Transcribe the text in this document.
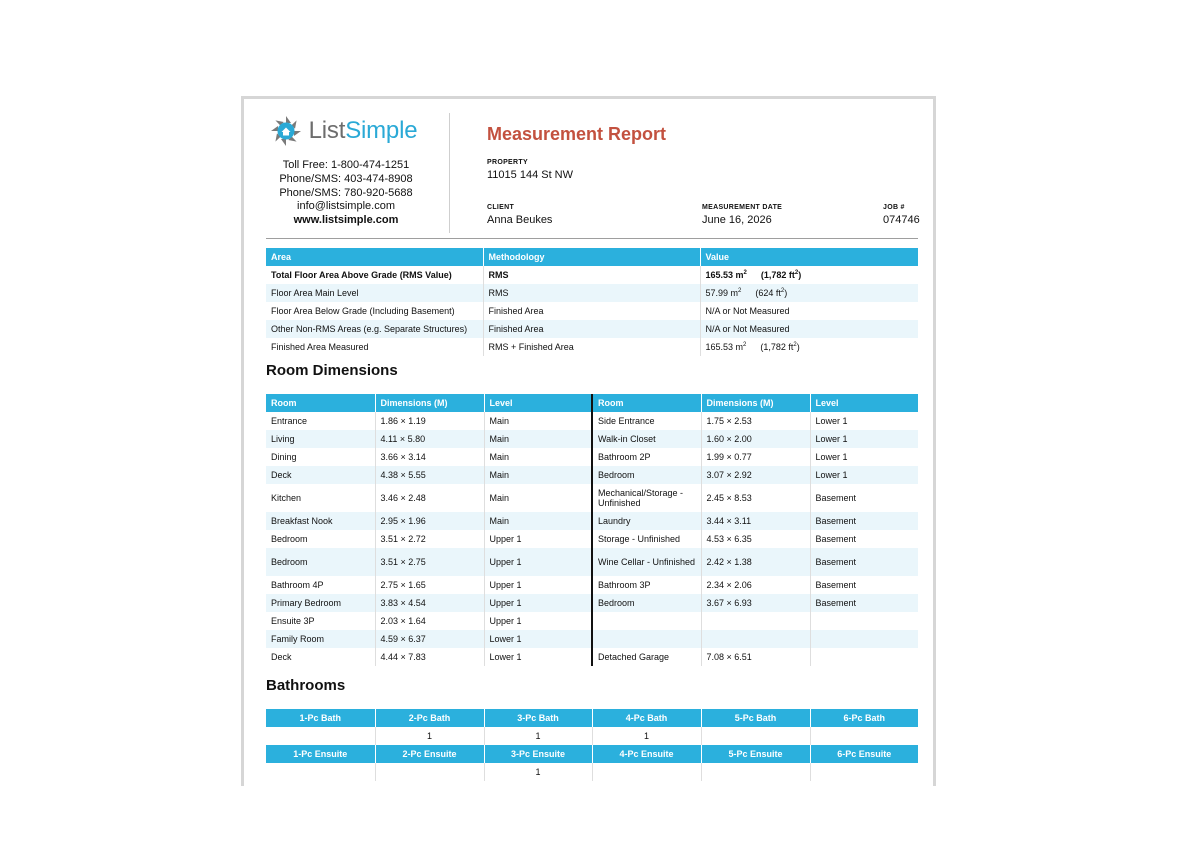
ListSimple
Toll Free: 1-800-474-1251
Phone/SMS: 403-474-8908
Phone/SMS: 780-920-5688
info@listsimple.com
www.listsimple.com
Measurement Report
PROPERTY
11015 144 St NW
CLIENT
Anna Beukes
MEASUREMENT DATE
June 16, 2026
JOB #
074746
Area	Methodology	Value
Total Floor Area Above Grade (RMS Value)	RMS	165.53 $m^2$ (1,782 $ft^2$)
Floor Area Main Level	RMS	57.99 $m^2$ (624 $ft^2$)
Floor Area Below Grade (Including Basement)	Finished Area	N/A or Not Measured
Other Non-RMS Areas (e.g. Separate Structures)	Finished Area	N/A or Not Measured
Finished Area Measured	RMS + Finished Area	165.53 $m^2$ (1,782 $ft^2$)
Room Dimensions
Room	Dimensions (M)	Level	Room	Dimensions (M)	Level
Entrance	1.86 × 1.19	Main	Side Entrance	1.75 × 2.53	Lower 1
Living	4.11 × 5.80	Main	Walk-in Closet	1.60 × 2.00	Lower 1
Dining	3.66 × 3.14	Main	Bathroom 2P	1.99 × 0.77	Lower 1
Deck	4.38 × 5.55	Main	Bedroom	3.07 × 2.92	Lower 1
Kitchen	3.46 × 2.48	Main	Mechanical/Storage - Unfinished	2.45 × 8.53	Basement
Breakfast Nook	2.95 × 1.96	Main	Laundry	3.44 × 3.11	Basement
Bedroom	3.51 × 2.72	Upper 1	Storage - Unfinished	4.53 × 6.35	Basement
Bedroom	3.51 × 2.75	Upper 1	Wine Cellar - Unfinished	2.42 × 1.38	Basement
Bathroom 4P	2.75 × 1.65	Upper 1	Bathroom 3P	2.34 × 2.06	Basement
Primary Bedroom	3.83 × 4.54	Upper 1	Bedroom	3.67 × 6.93	Basement
Ensuite 3P	2.03 × 1.64	Upper 1			
Family Room	4.59 × 6.37	Lower 1			
Deck	4.44 × 7.83	Lower 1	Detached Garage	7.08 × 6.51	
Bathrooms
1-Pc Bath	2-Pc Bath	3-Pc Bath	4-Pc Bath	5-Pc Bath	6-Pc Bath
	1	1	1		
1-Pc Ensuite	2-Pc Ensuite	3-Pc Ensuite	4-Pc Ensuite	5-Pc Ensuite	6-Pc Ensuite
		1			
